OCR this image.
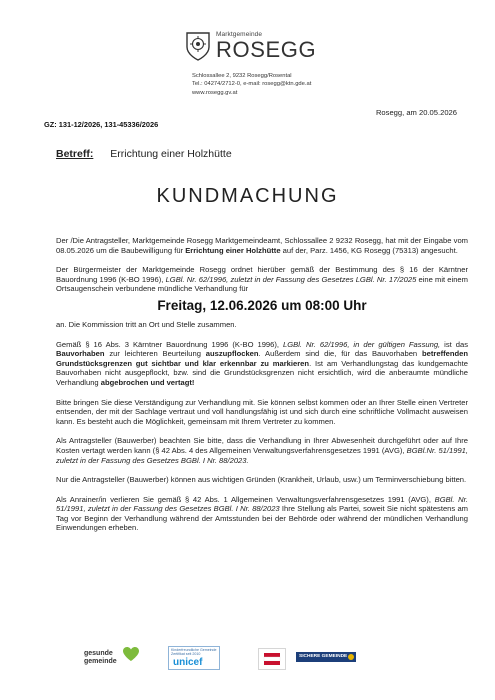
Marktgemeinde
ROSEGG
Schlossallee 2, 9232 Rosegg/Rosental
Tel.: 04274/2712-0, e-mail: rosegg@ktn.gde.at
www.rosegg.gv.at
Rosegg, am 20.05.2026
GZ: 131-12/2026, 131-45336/2026
Betreff: Errichtung einer Holzhütte
KUNDMACHUNG

Der /Die Antragsteller, Marktgemeinde Rosegg Marktgemeindeamt, Schlossallee 2 9232 Rosegg, hat mit der Eingabe vom 08.05.2026 um die Baubewilligung für Errichtung einer Holzhütte auf der, Parz. 1456, KG Rosegg (75313) angesucht.

Der Bürgermeister der Marktgemeinde Rosegg ordnet hierüber gemäß der Bestimmung des § 16 der Kärntner Bauordnung 1996 (K-BO 1996), LGBl. Nr. 62/1996, zuletzt in der Fassung des Gesetzes LGBl. Nr. 17/2025 eine mit einem Ortsaugenschein verbundene mündliche Verhandlung für

Freitag, 12.06.2026 um 08:00 Uhr

an. Die Kommission tritt an Ort und Stelle zusammen.

Gemäß § 16 Abs. 3 Kärntner Bauordnung 1996 (K-BO 1996), LGBl. Nr. 62/1996, in der gültigen Fassung, ist das Bauvorhaben zur leichteren Beurteilung auszupflocken. Außerdem sind die, für das Bauvorhaben betreffenden Grundstücksgrenzen gut sichtbar und klar erkennbar zu markieren. Ist am Verhandlungstag das kundgemachte Bauvorhaben nicht ausgepflockt, bzw. sind die Grundstücksgrenzen nicht ersichtlich, wird die anberaumte mündliche Verhandlung abgebrochen und vertagt!

Bitte bringen Sie diese Verständigung zur Verhandlung mit. Sie können selbst kommen oder an Ihrer Stelle einen Vertreter entsenden, der mit der Sachlage vertraut und voll handlungsfähig ist und sich durch eine schriftliche Vollmacht ausweisen kann. Es besteht auch die Möglichkeit, gemeinsam mit Ihrem Vertreter zu kommen.

Als Antragsteller (Bauwerber) beachten Sie bitte, dass die Verhandlung in Ihrer Abwesenheit durchgeführt oder auf Ihre Kosten vertagt werden kann (§ 42 Abs. 4 des Allgemeinen Verwaltungsverfahrensgesetzes 1991 (AVG), BGBl.Nr. 51/1991, zuletzt in der Fassung des Gesetzes BGBl. I Nr. 88/2023.

Nur die Antragsteller (Bauwerber) können aus wichtigen Gründen (Krankheit, Urlaub, usw.) um Terminverschiebung bitten.

Als Anrainer/in verlieren Sie gemäß § 42 Abs. 1 Allgemeinen Verwaltungsverfahrensgesetzes 1991 (AVG), BGBl. Nr. 51/1991, zuletzt in der Fassung des Gesetzes BGBl. I Nr. 88/2023 Ihre Stellung als Partei, soweit Sie nicht spätestens am Tag vor Beginn der Verhandlung während der Amtsstunden bei der Behörde oder während der mündlichen Verhandlung Einwendungen erheben.

gesunde
gemeinde
Kinderfreundliche Gemeinde Zertifikat seit 2010
unicef
SICHERE GEMEINDE
